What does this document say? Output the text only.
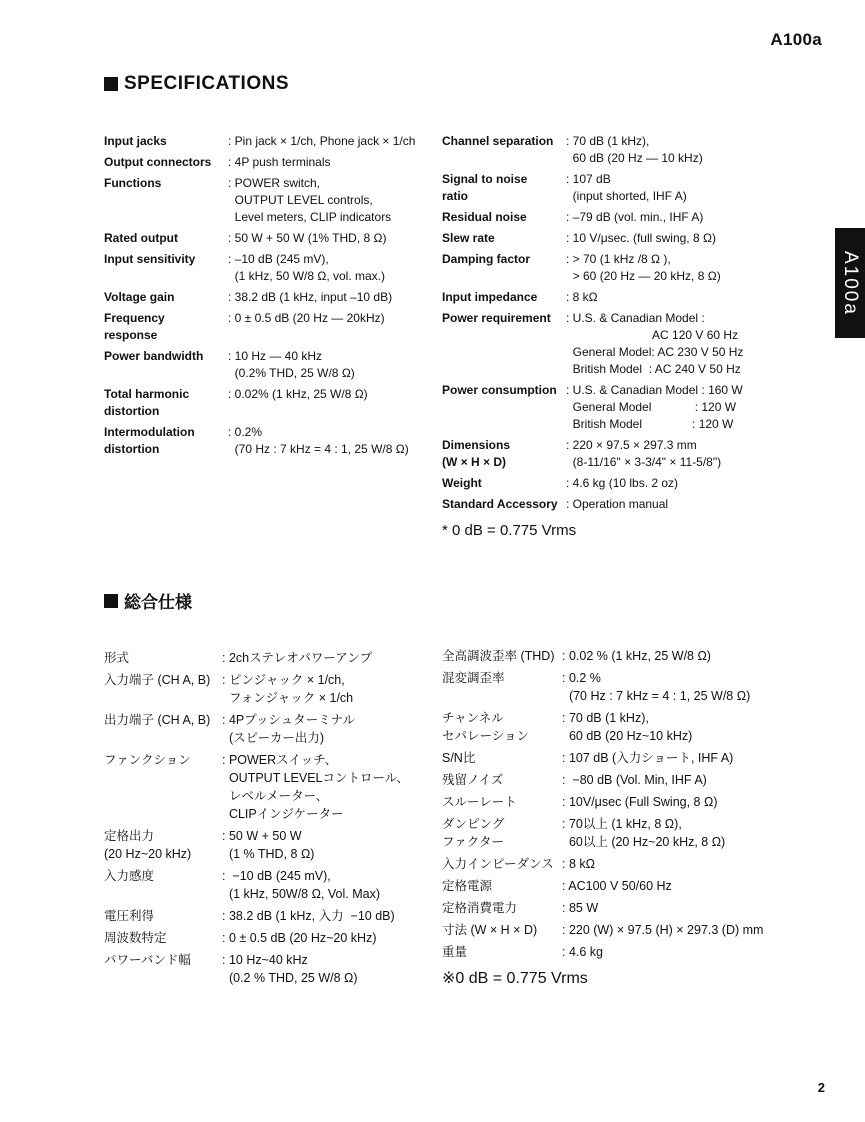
A100a
SPECIFICATIONS
Input jacks	: Pin jack × 1/ch, Phone jack × 1/ch
Output connectors	: 4P push terminals
Functions	: POWER switch,
OUTPUT LEVEL controls,
Level meters, CLIP indicators
Rated output	: 50 W + 50 W (1% THD, 8 Ω)
Input sensitivity	: –10 dB (245 mV),
(1 kHz, 50 W/8 Ω, vol. max.)
Voltage gain	: 38.2 dB (1 kHz, input –10 dB)
Frequency
response
: 0 ± 0.5 dB (20 Hz — 20kHz)
Power bandwidth	: 10 Hz — 40 kHz
(0.2% THD, 25 W/8 Ω)
Total harmonic
distortion
: 0.02% (1 kHz, 25 W/8 Ω)
Intermodulation
distortion
: 0.2%
(70 Hz : 7 kHz = 4 : 1, 25 W/8 Ω)
Channel separation	: 70 dB (1 kHz),
60 dB (20 Hz — 10 kHz)
Signal to noise
ratio
: 107 dB
(input shorted, IHF A)
Residual noise	: –79 dB (vol. min., IHF A)
Slew rate	: 10 V/μsec. (full swing, 8 Ω)
Damping factor	: > 70 (1 kHz /8 Ω ),
> 60 (20 Hz — 20 kHz, 8 Ω)
Input impedance	: 8 kΩ
Power requirement	: U.S. & Canadian Model :
AC 120 V 60 Hz
General Model: AC 230 V 50 Hz
British Model  : AC 240 V 50 Hz
Power consumption : U.S. & Canadian Model : 160 W
General Model             : 120 W
British Model               : 120 W
Dimensions
(W × H × D)
: 220 × 97.5 × 297.3 mm
(8-11/16" × 3-3/4" × 11-5/8")
Weight	: 4.6 kg (10 lbs. 2 oz)
Standard Accessory : Operation manual
* 0 dB = 0.775 Vrms
A100a
総合仕様
形式	: 2chステレオパワーアンプ
入力端子 (CH A, B) : ピンジャック × 1/ch,
フォンジャック × 1/ch
出力端子 (CH A, B) : 4Pプッシュターミナル
(スピーカー出力)
ファンクション	: POWERスイッチ、
OUTPUT LEVELコントロール、
レベルメーター、
CLIPインジケーター
定格出力
(20 Hz~20 kHz)
: 50 W + 50 W
(1 % THD, 8 Ω)
入力感度	:  −10 dB (245 mV),
(1 kHz, 50W/8 Ω, Vol. Max)
電圧利得	: 38.2 dB (1 kHz, 入力  −10 dB)
周波数特定	: 0 ± 0.5 dB (20 Hz~20 kHz)
パワーバンド幅	: 10 Hz~40 kHz
(0.2 % THD, 25 W/8 Ω)
全高調波歪率 (THD) : 0.02 % (1 kHz, 25 W/8 Ω)
混変調歪率	: 0.2 %
(70 Hz : 7 kHz = 4 : 1, 25 W/8 Ω)
チャンネル
セパレーション
: 70 dB (1 kHz),
60 dB (20 Hz~10 kHz)
S/N比	: 107 dB (入力ショート, IHF A)
残留ノイズ	:  −80 dB (Vol. Min, IHF A)
スルーレート	: 10V/μsec (Full Swing, 8 Ω)
ダンピング
ファクター
: 70以上 (1 kHz, 8 Ω),
60以上 (20 Hz~20 kHz, 8 Ω)
入力インピーダンス : 8 kΩ
定格電源	: AC100 V 50/60 Hz
定格消費電力	: 85 W
寸法 (W × H × D)	: 220 (W) × 97.5 (H) × 297.3 (D) mm
重量	: 4.6 kg
※0 dB = 0.775 Vrms
2
